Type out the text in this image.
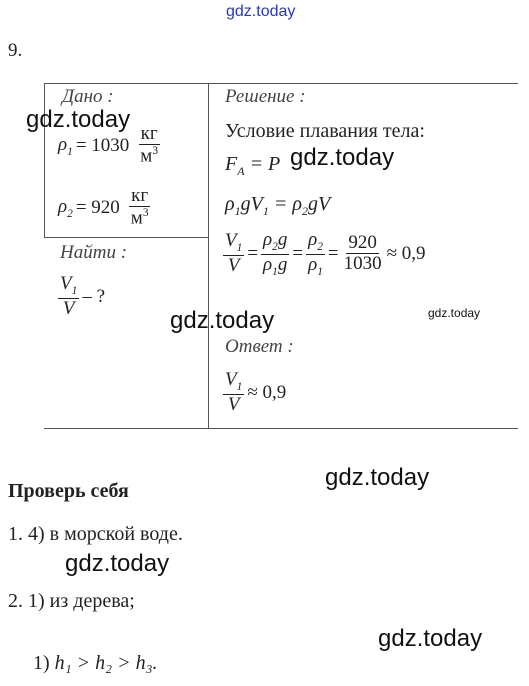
gdz.today
9.
Дано :
$\rho_1 = 1030 \frac{кг}{м^3}$
$\rho_2 = 920 \frac{кг}{м^3}$
Найти :
$\frac{V_1}{V}$ – ?
Решение :
Условие плавания тела:
$F_A = P$
$\rho_1gV_1 = \rho_2gV$
$\frac{V_1}{V} = \frac{\rho_2g}{\rho_1g} = \frac{\rho_2}{\rho_1} = \frac{920}{1030} \approx 0,9$
Ответ :
$\frac{V_1}{V} \approx 0,9$
gdz.today
gdz.today
gdz.today	gdz.today
Проверь себя	gdz.today
1. 4) в морской воде.
gdz.today
2. 1) из дерева;
gdz.today
1) h₁ > h₂ > h₃.
